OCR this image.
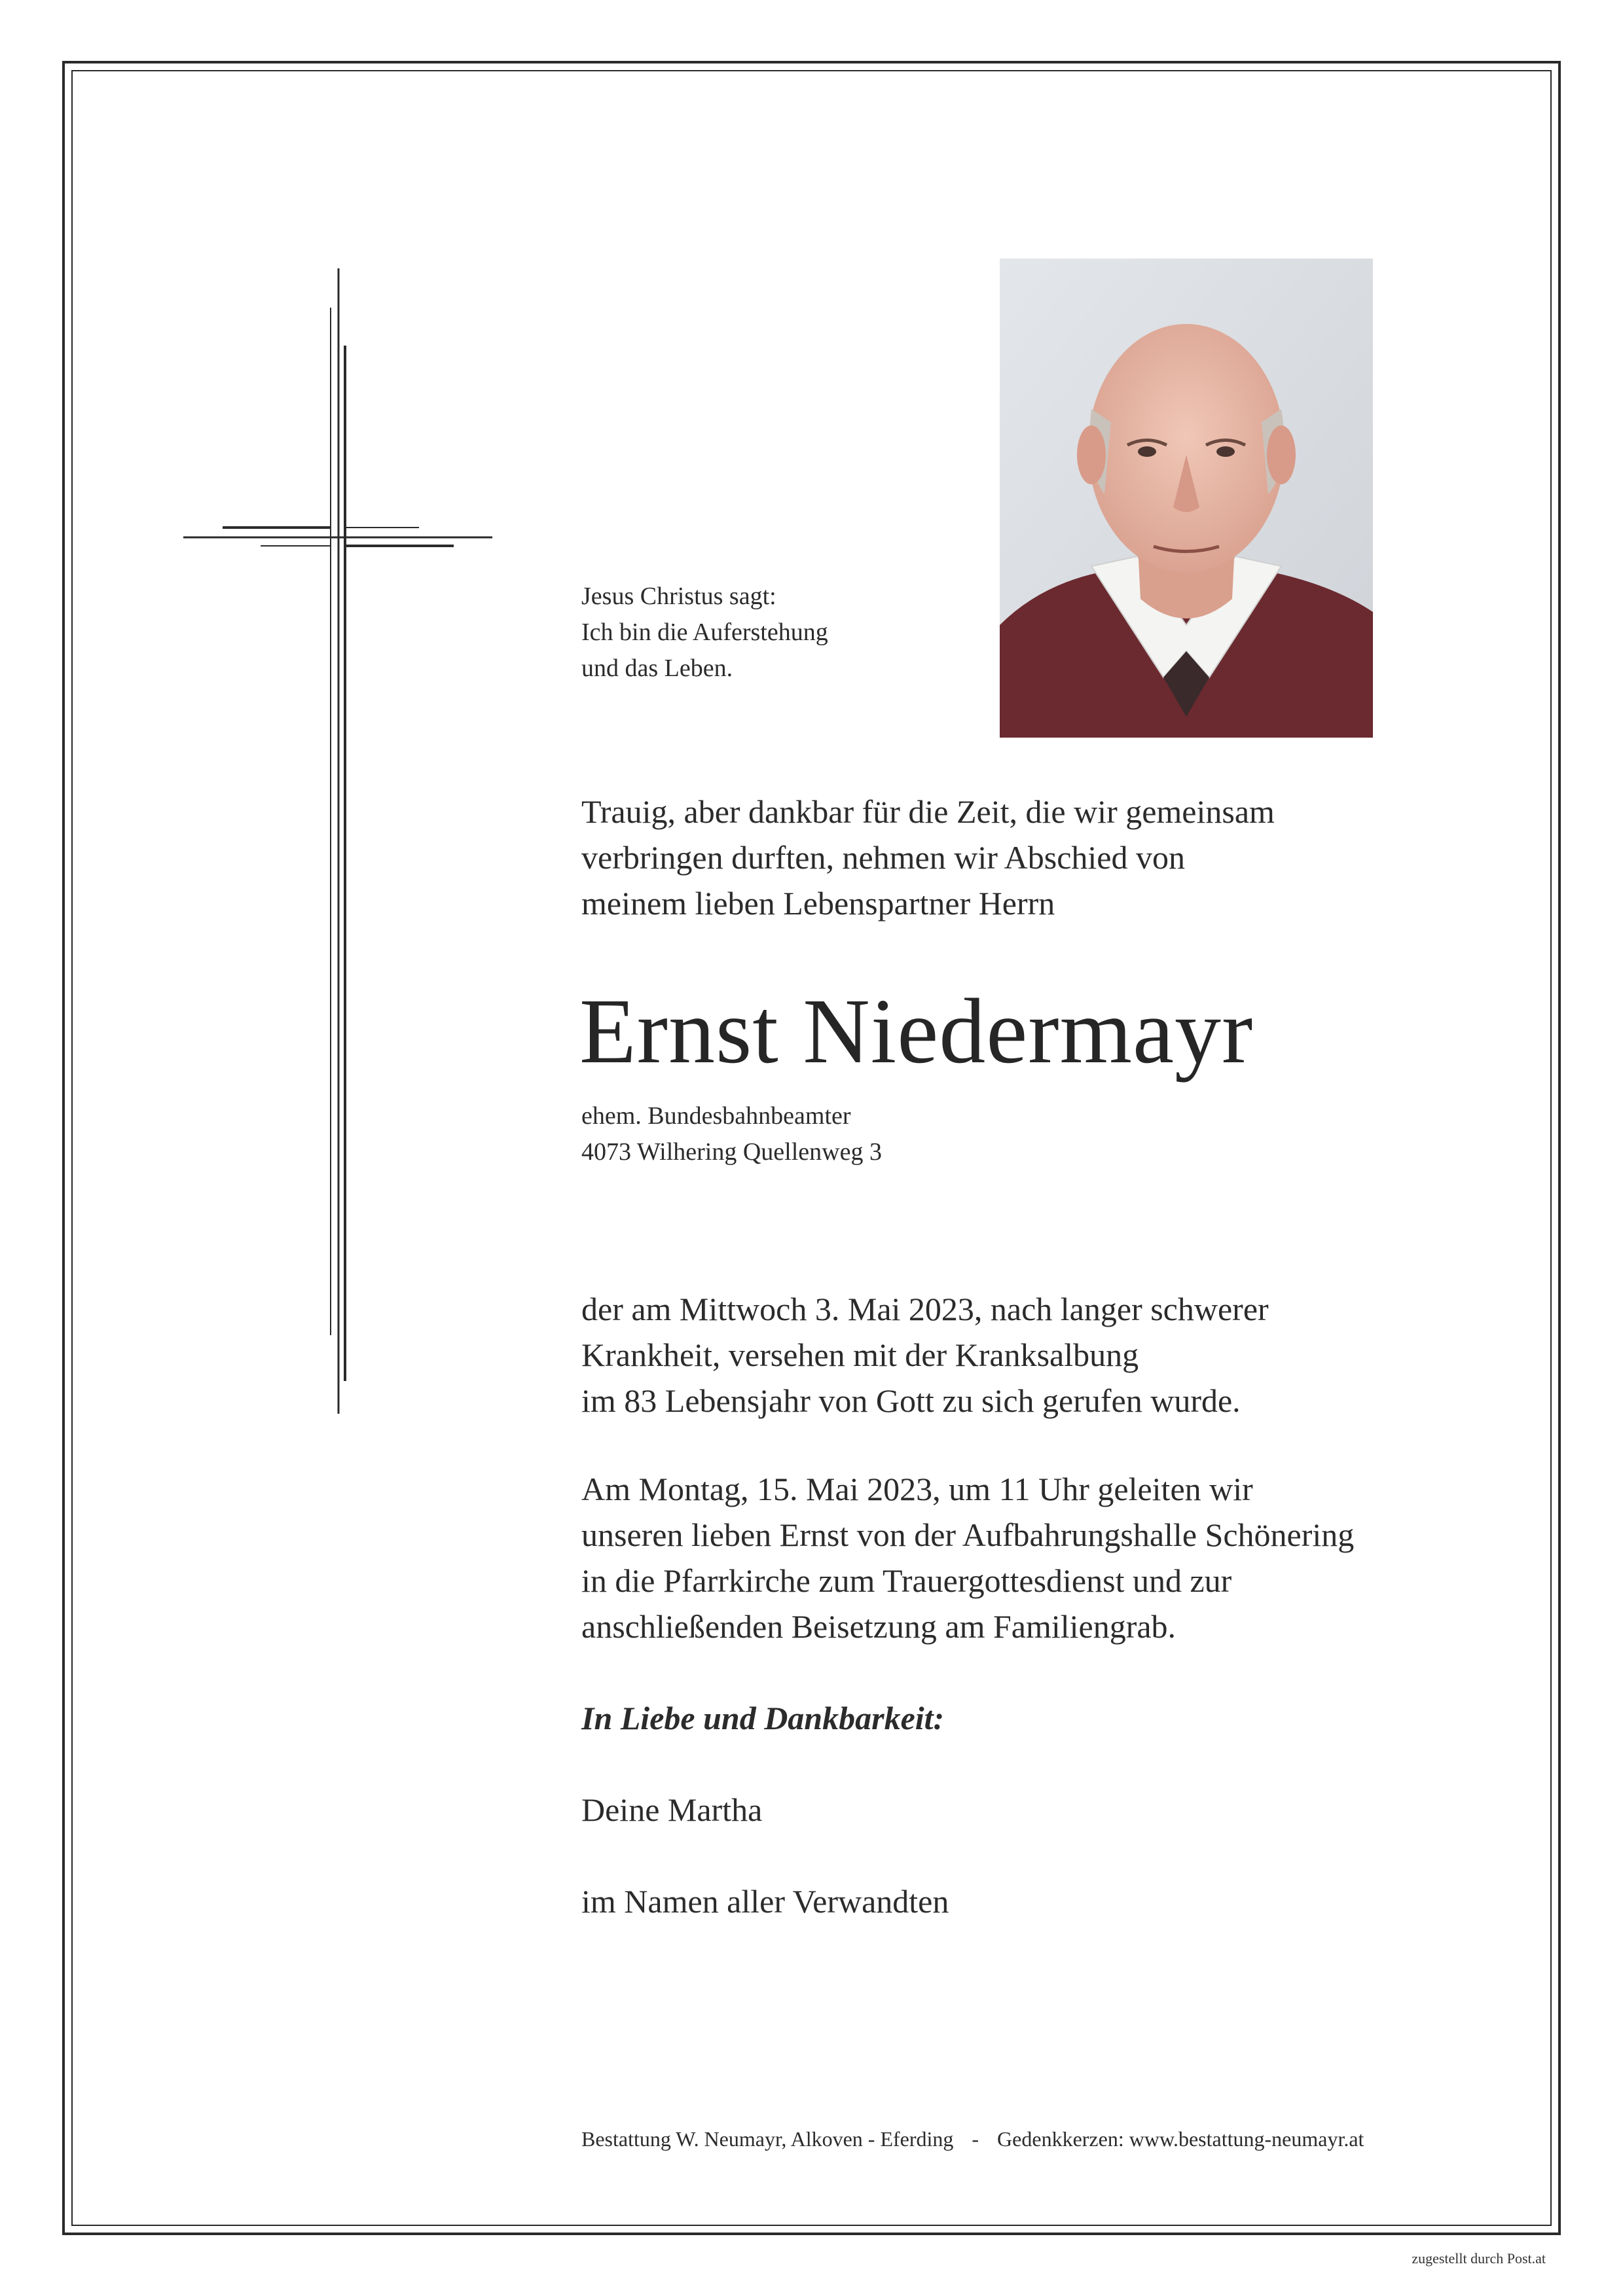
Jesus Christus sagt:
Ich bin die Auferstehung
und das Leben.
Trauig, aber dankbar für die Zeit, die wir gemeinsam
verbringen durften, nehmen wir Abschied von
meinem lieben Lebenspartner Herrn
Ernst Niedermayr
ehem. Bundesbahnbeamter
4073 Wilhering Quellenweg 3
der am Mittwoch 3. Mai 2023, nach langer schwerer
Krankheit, versehen mit der Kranksalbung
im 83 Lebensjahr von Gott zu sich gerufen wurde.
Am Montag, 15. Mai 2023, um 11 Uhr geleiten wir
unseren lieben Ernst von der Aufbahrungshalle Schönering
in die Pfarrkirche zum Trauergottesdienst und zur
anschließenden Beisetzung am Familiengrab.
In Liebe und Dankbarkeit:
Deine Martha
im Namen aller Verwandten
Bestattung W. Neumayr, Alkoven - Eferding - Gedenkkerzen: www.bestattung-neumayr.at
zugestellt durch Post.at
